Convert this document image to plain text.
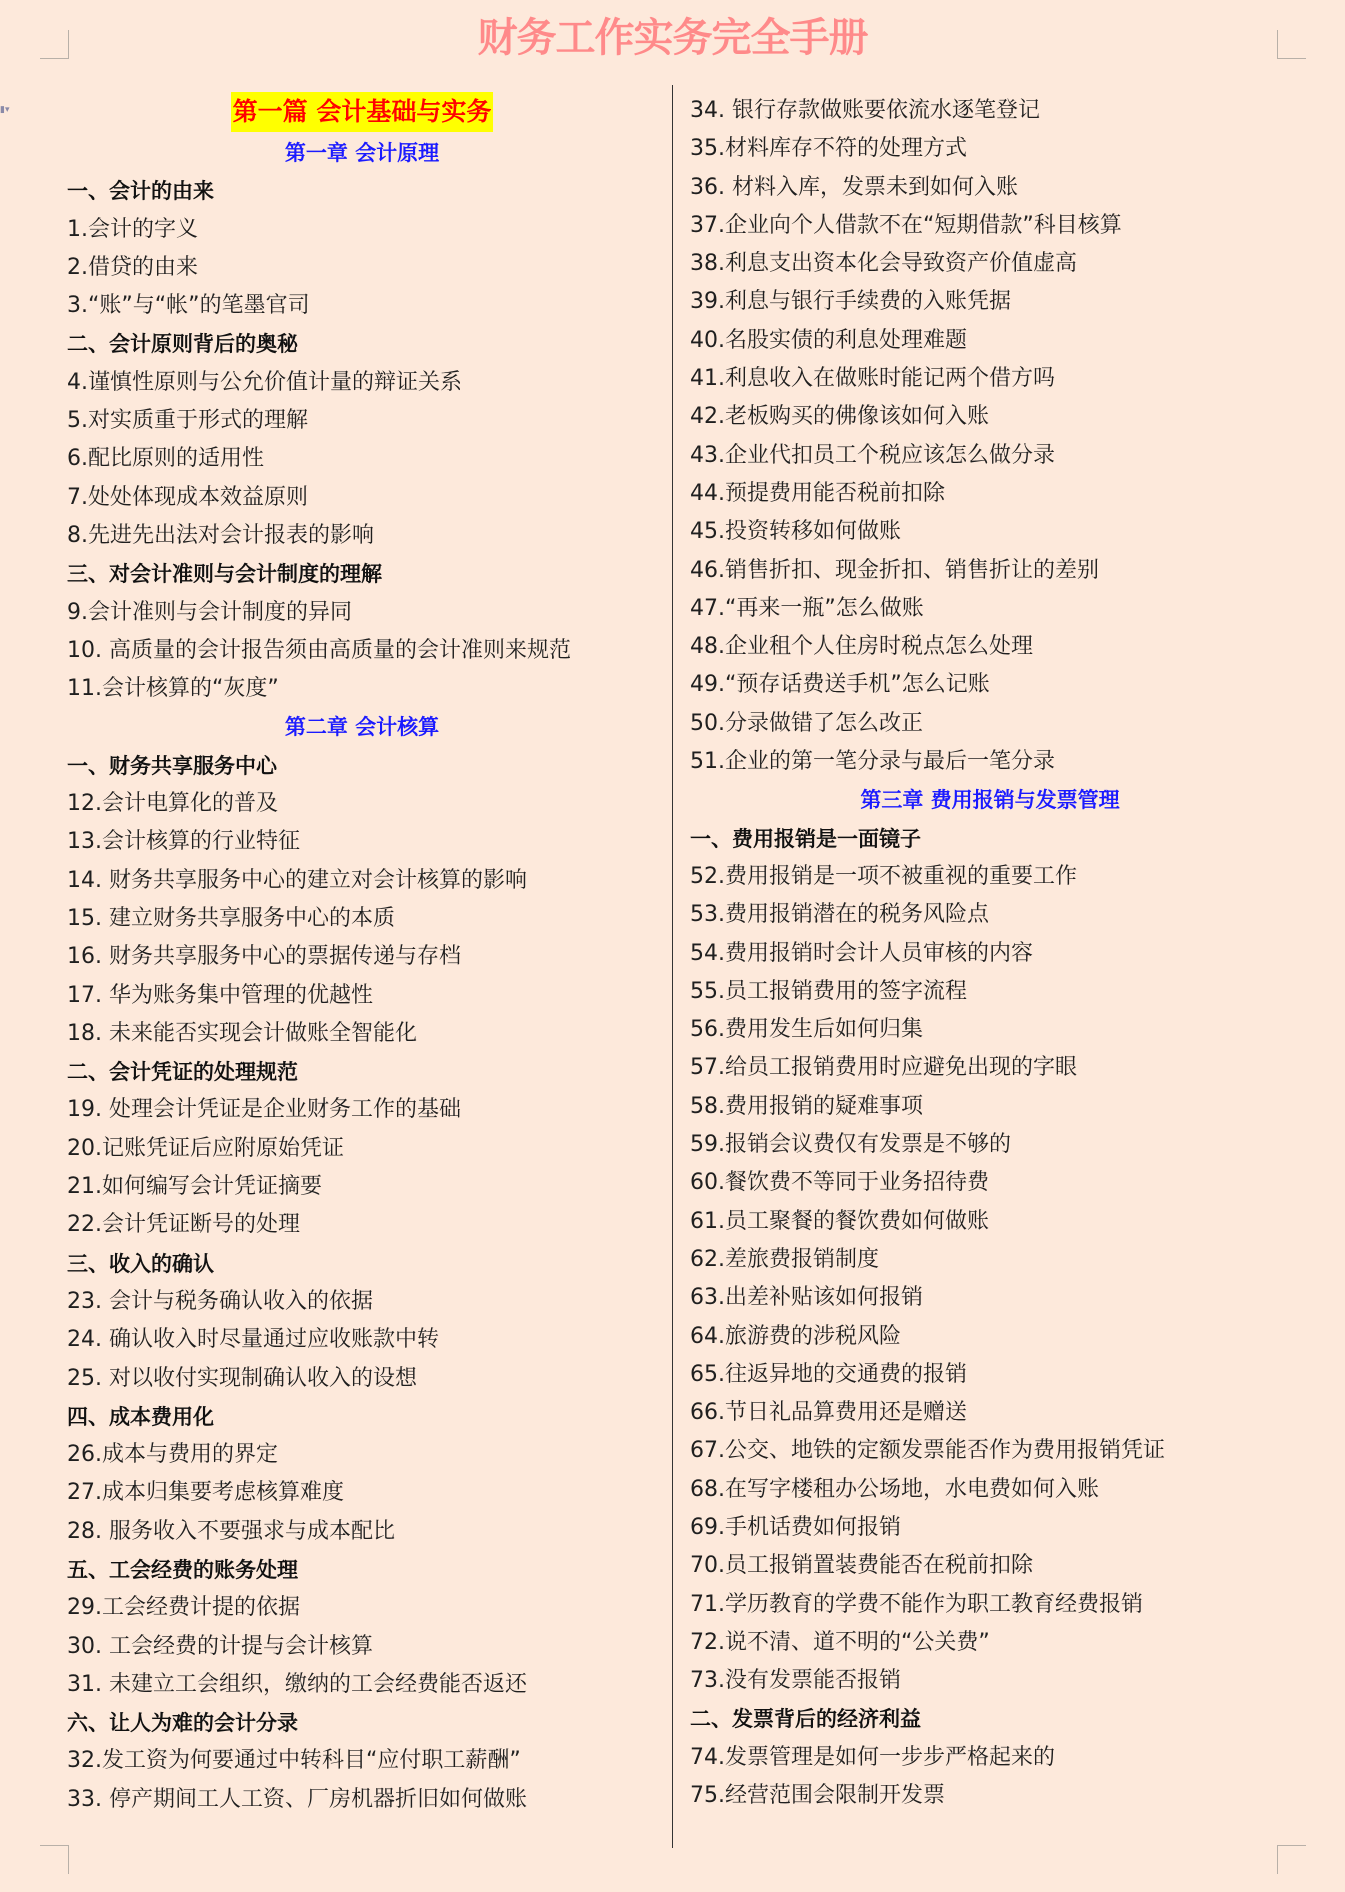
财务工作实务完全手册
▮▾	第一篇 会计基础与实务
第一章 会计原理
一、会计的由来
1.会计的字义
2.借贷的由来
3.“账”与“帐”的笔墨官司
二、会计原则背后的奥秘
4.谨慎性原则与公允价值计量的辩证关系
5.对实质重于形式的理解
6.配比原则的适用性
7.处处体现成本效益原则
8.先进先出法对会计报表的影响
三、对会计准则与会计制度的理解
9.会计准则与会计制度的异同
10. 高质量的会计报告须由高质量的会计准则来规范
11.会计核算的“灰度”
第二章 会计核算
一、财务共享服务中心
12.会计电算化的普及
13.会计核算的行业特征
14. 财务共享服务中心的建立对会计核算的影响
15. 建立财务共享服务中心的本质
16. 财务共享服务中心的票据传递与存档
17. 华为账务集中管理的优越性
18. 未来能否实现会计做账全智能化
二、会计凭证的处理规范
19. 处理会计凭证是企业财务工作的基础
20.记账凭证后应附原始凭证
21.如何编写会计凭证摘要
22.会计凭证断号的处理
三、收入的确认
23. 会计与税务确认收入的依据
24. 确认收入时尽量通过应收账款中转
25. 对以收付实现制确认收入的设想
四、成本费用化
26.成本与费用的界定
27.成本归集要考虑核算难度
28. 服务收入不要强求与成本配比
五、工会经费的账务处理
29.工会经费计提的依据
30. 工会经费的计提与会计核算
31. 未建立工会组织，缴纳的工会经费能否返还
六、让人为难的会计分录
32.发工资为何要通过中转科目“应付职工薪酬”
33. 停产期间工人工资、厂房机器折旧如何做账
34. 银行存款做账要依流水逐笔登记
35.材料库存不符的处理方式
36. 材料入库，发票未到如何入账
37.企业向个人借款不在“短期借款”科目核算
38.利息支出资本化会导致资产价值虚高
39.利息与银行手续费的入账凭据
40.名股实债的利息处理难题
41.利息收入在做账时能记两个借方吗
42.老板购买的佛像该如何入账
43.企业代扣员工个税应该怎么做分录
44.预提费用能否税前扣除
45.投资转移如何做账
46.销售折扣、现金折扣、销售折让的差别
47.“再来一瓶”怎么做账
48.企业租个人住房时税点怎么处理
49.“预存话费送手机”怎么记账
50.分录做错了怎么改正
51.企业的第一笔分录与最后一笔分录
第三章 费用报销与发票管理
一、费用报销是一面镜子
52.费用报销是一项不被重视的重要工作
53.费用报销潜在的税务风险点
54.费用报销时会计人员审核的内容
55.员工报销费用的签字流程
56.费用发生后如何归集
57.给员工报销费用时应避免出现的字眼
58.费用报销的疑难事项
59.报销会议费仅有发票是不够的
60.餐饮费不等同于业务招待费
61.员工聚餐的餐饮费如何做账
62.差旅费报销制度
63.出差补贴该如何报销
64.旅游费的涉税风险
65.往返异地的交通费的报销
66.节日礼品算费用还是赠送
67.公交、地铁的定额发票能否作为费用报销凭证
68.在写字楼租办公场地，水电费如何入账
69.手机话费如何报销
70.员工报销置装费能否在税前扣除
71.学历教育的学费不能作为职工教育经费报销
72.说不清、道不明的“公关费”
73.没有发票能否报销
二、发票背后的经济利益
74.发票管理是如何一步步严格起来的
75.经营范围会限制开发票
